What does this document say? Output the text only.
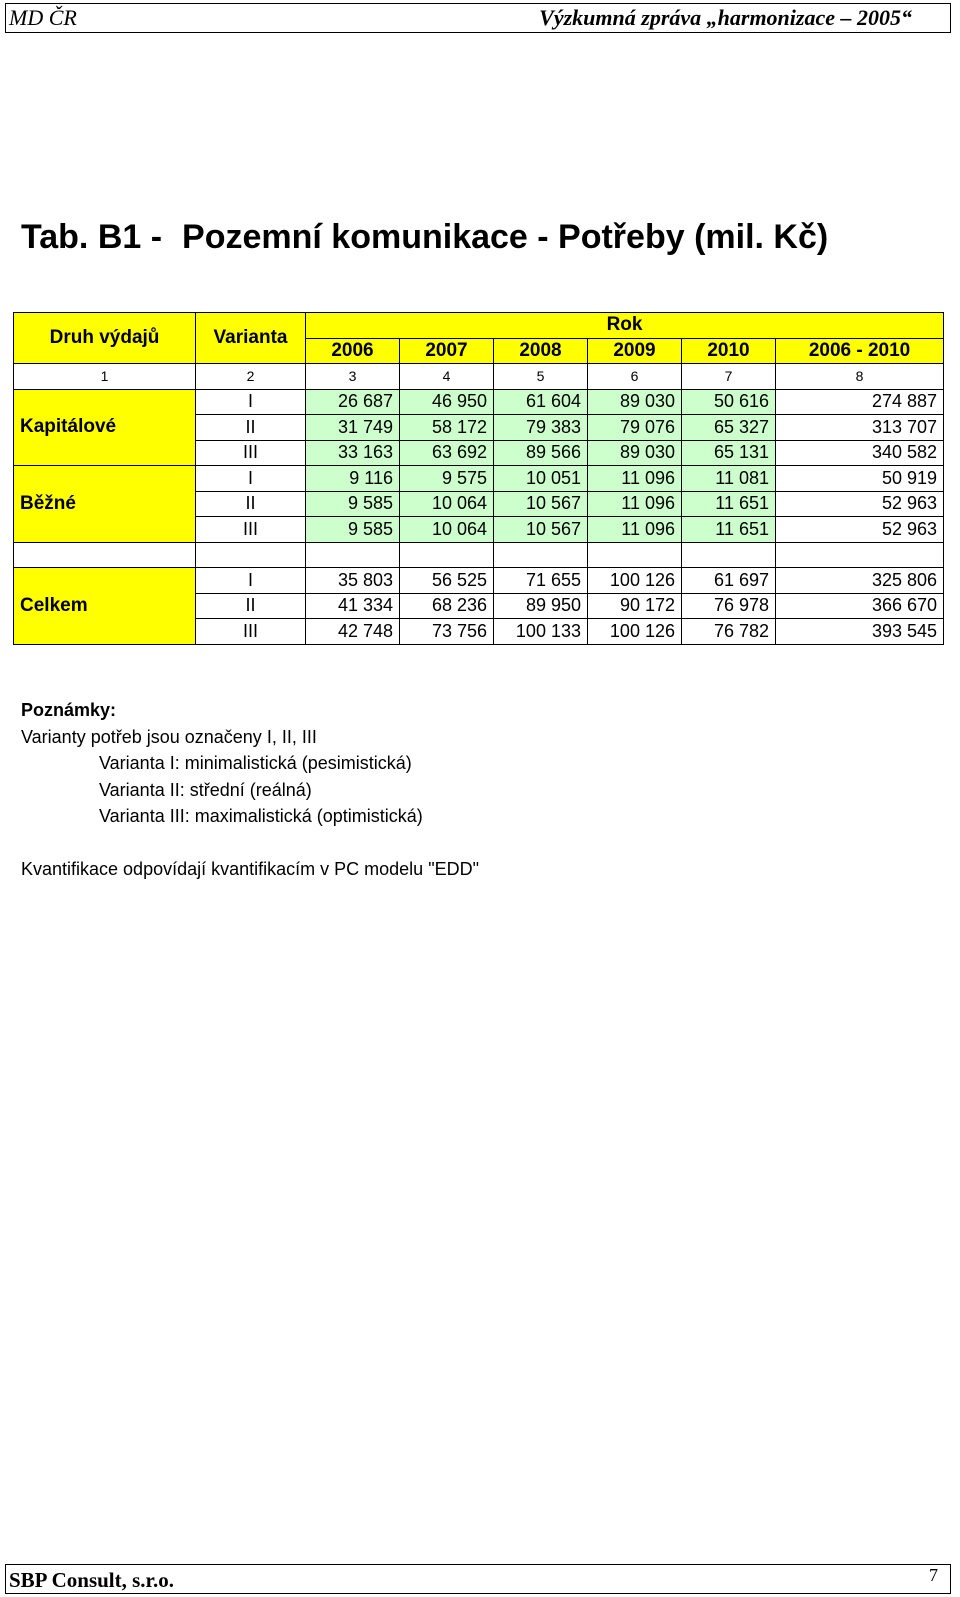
MD ČR	Výzkumná zpráva „harmonizace – 2005“
Tab. B1 - Pozemní komunikace - Potřeby (mil. Kč)
Druh výdajů	Varianta	Rok					
		2006	2007	2008	2009	2010	2006 - 2010
1	2	3	4	5	6	7	8
Kapitálové	I	26 687	46 950	61 604	89 030	50 616	274 887
	II	31 749	58 172	79 383	79 076	65 327	313 707
	III	33 163	63 692	89 566	89 030	65 131	340 582
Běžné	I	9 116	9 575	10 051	11 096	11 081	50 919
	II	9 585	10 064	10 567	11 096	11 651	52 963
	III	9 585	10 064	10 567	11 096	11 651	52 963

Celkem	I	35 803	56 525	71 655	100 126	61 697	325 806
	II	41 334	68 236	89 950	90 172	76 978	366 670
	III	42 748	73 756	100 133	100 126	76 782	393 545
Poznámky:
Varianty potřeb jsou označeny I, II, III
Varianta I: minimalistická (pesimistická)
Varianta II: střední (reálná)
Varianta III: maximalistická (optimistická)
Kvantifikace odpovídají kvantifikacím v PC modelu "EDD"
SBP Consult, s.r.o.	7
